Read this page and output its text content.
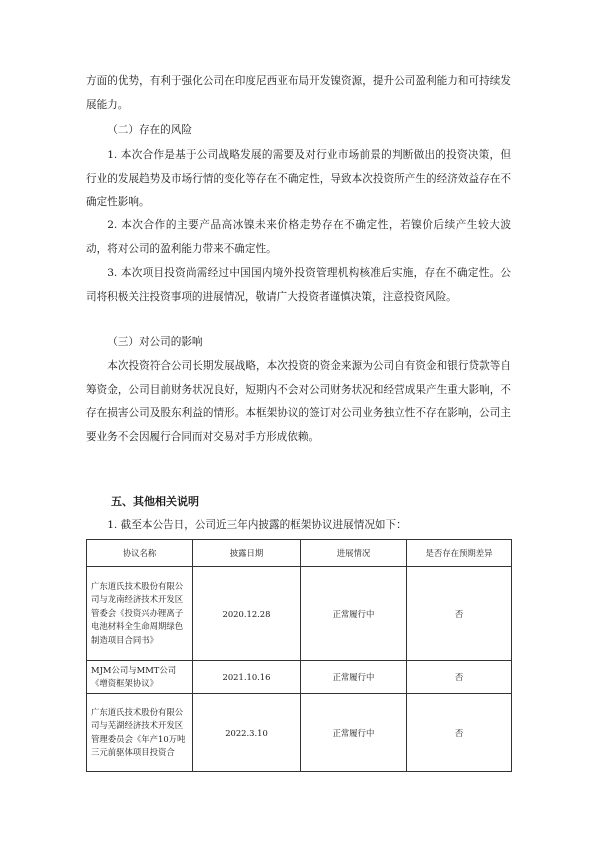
方面的优势，有利于强化公司在印度尼西亚布局开发镍资源，提升公司盈利能力和可持续发展能力。

（二）存在的风险

1. 本次合作是基于公司战略发展的需要及对行业市场前景的判断做出的投资决策，但行业的发展趋势及市场行情的变化等存在不确定性，导致本次投资所产生的经济效益存在不确定性影响。

2. 本次合作的主要产品高冰镍未来价格走势存在不确定性，若镍价后续产生较大波动，将对公司的盈利能力带来不确定性。

3. 本次项目投资尚需经过中国国内境外投资管理机构核准后实施，存在不确定性。公司将积极关注投资事项的进展情况，敬请广大投资者谨慎决策，注意投资风险。

（三）对公司的影响

本次投资符合公司长期发展战略，本次投资的资金来源为公司自有资金和银行贷款等自筹资金，公司目前财务状况良好，短期内不会对公司财务状况和经营成果产生重大影响，不存在损害公司及股东利益的情形。本框架协议的签订对公司业务独立性不存在影响，公司主要业务不会因履行合同而对交易对手方形成依赖。

五、其他相关说明

1. 截至本公告日，公司近三年内披露的框架协议进展情况如下：

协议名称	披露日期	进展情况	是否存在预期差异
广东道氏技术股份有限公司与龙南经济技术开发区管委会《投资兴办锂离子电池材料全生命周期绿色制造项目合同书》	2020.12.28	正常履行中	否
MJM公司与MMT公司《增资框架协议》	2021.10.16	正常履行中	否
广东道氏技术股份有限公司与芜湖经济技术开发区管理委员会《年产10万吨三元前驱体项目投资合	2022.3.10	正常履行中	否
